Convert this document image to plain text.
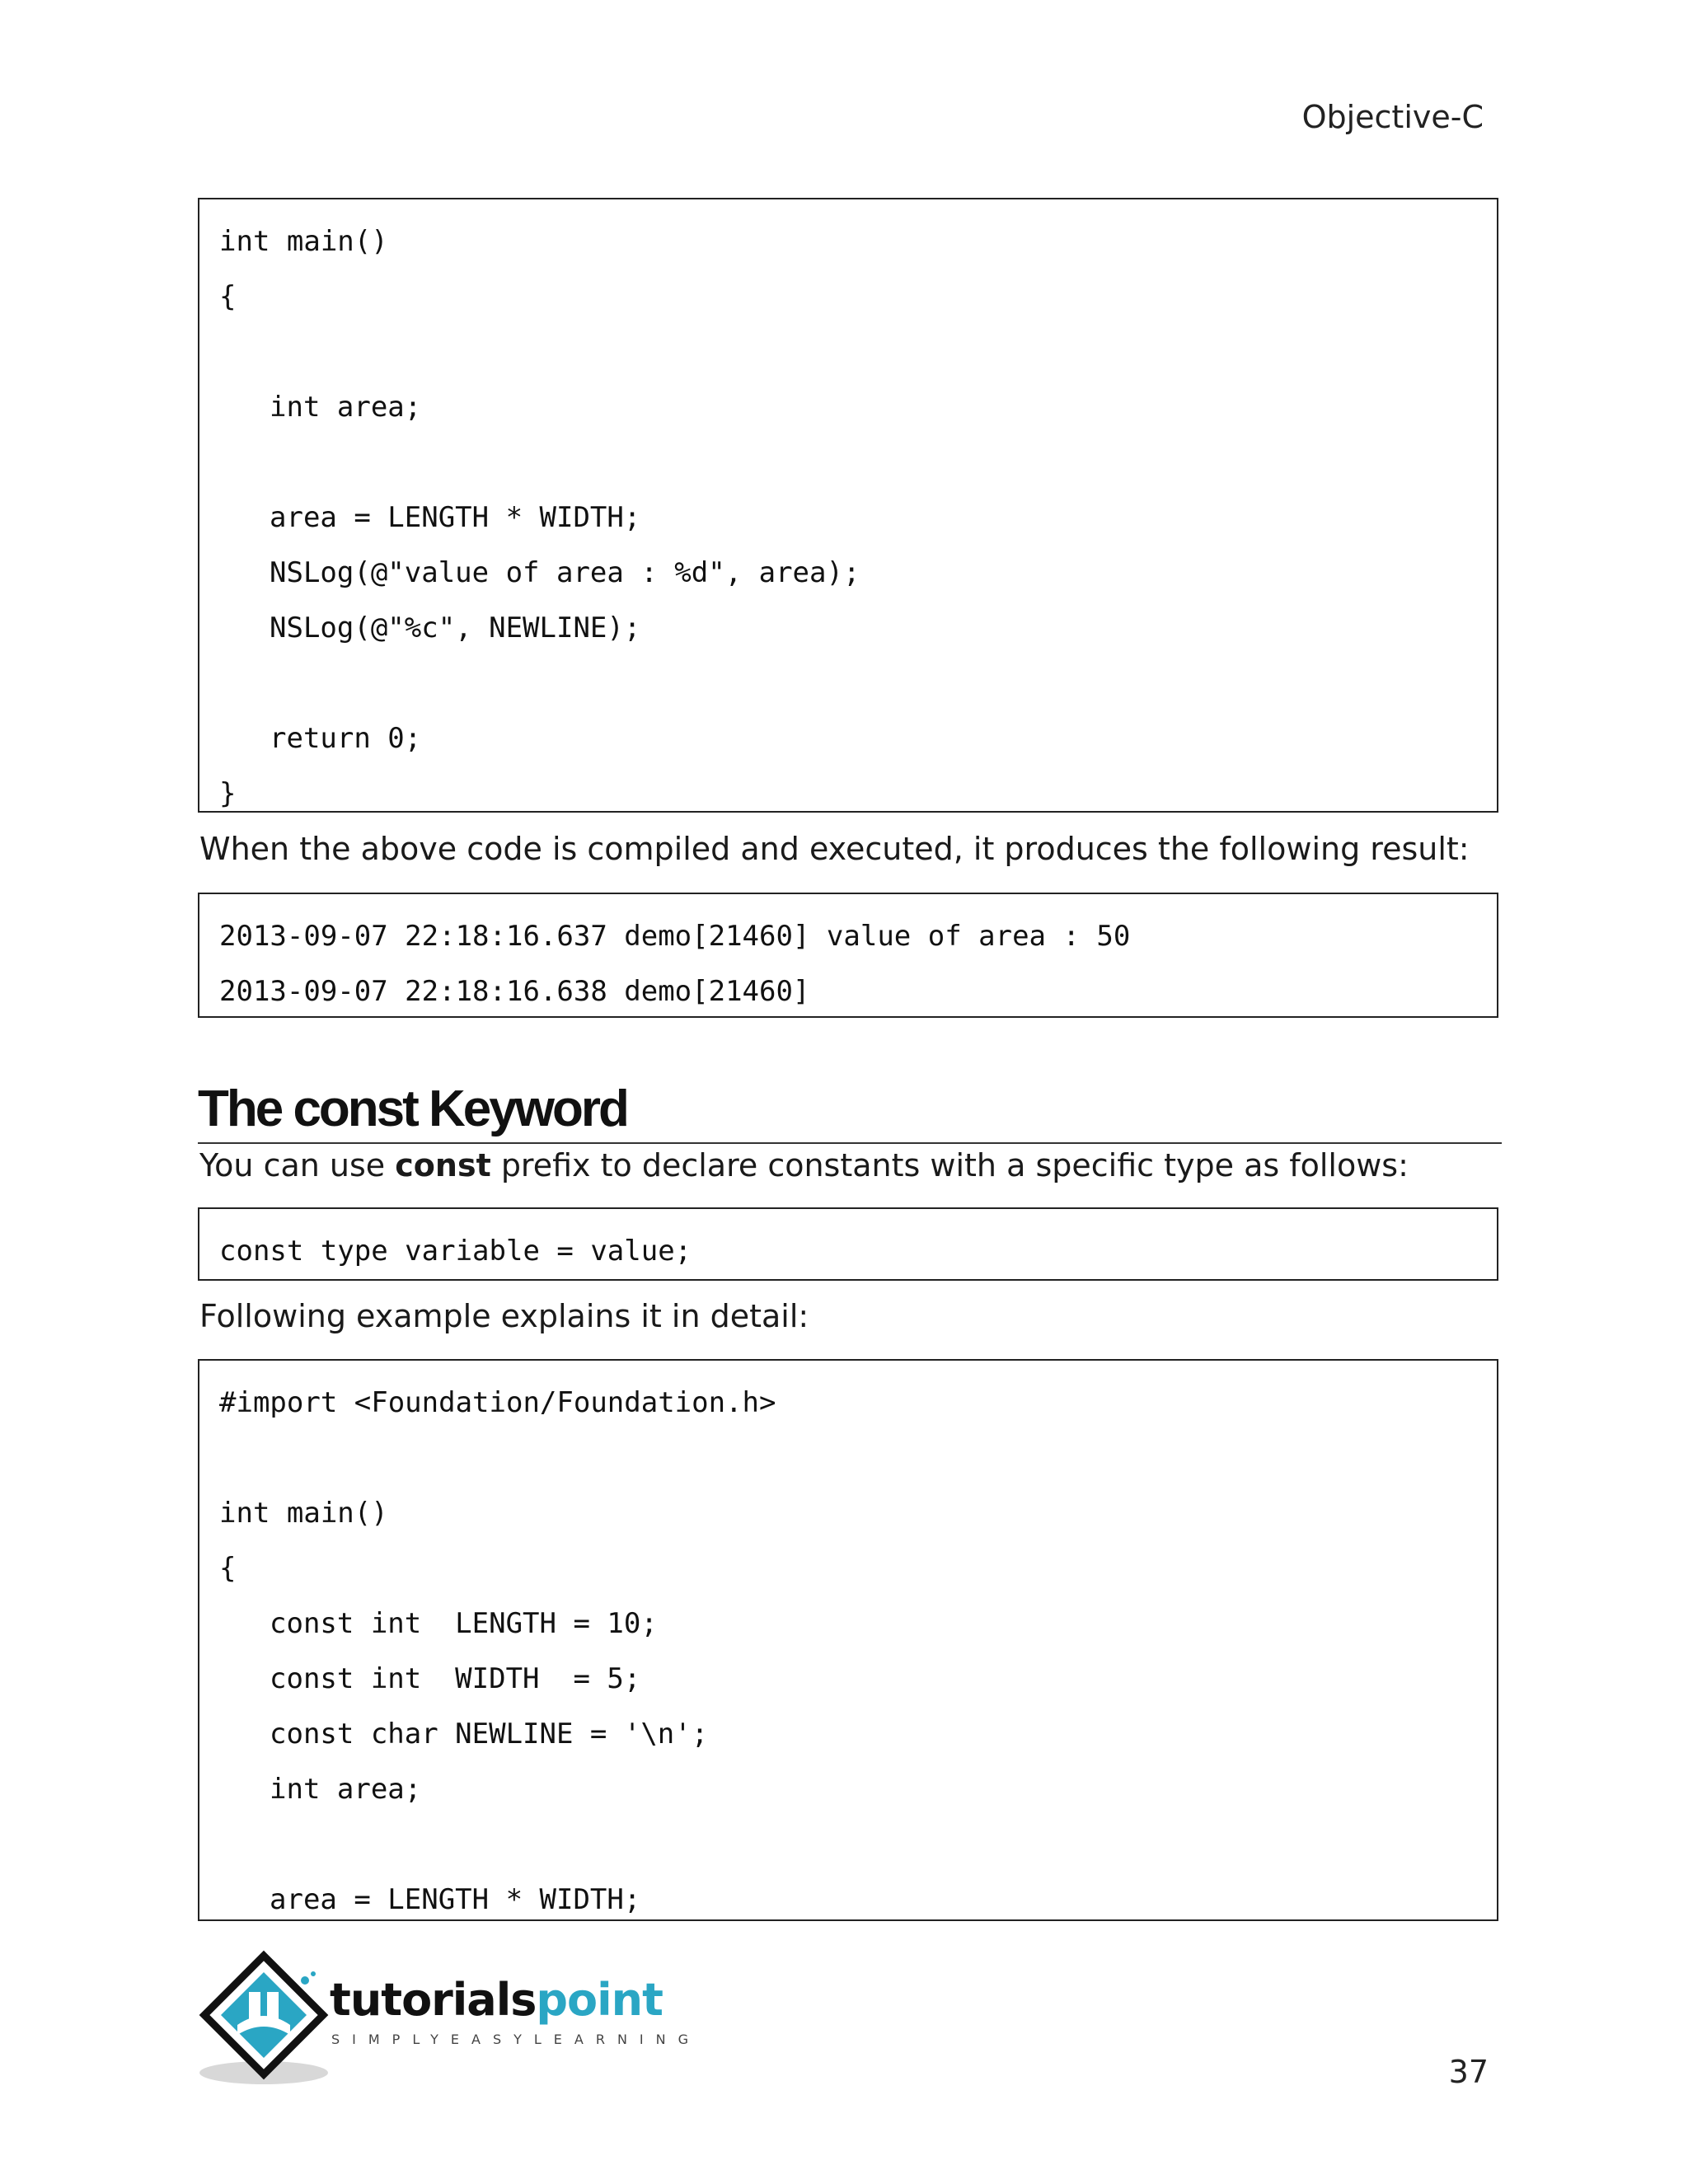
Objective-C
int main()
{
int area;
area = LENGTH * WIDTH;
NSLog(@"value of area : %d", area);
NSLog(@"%c", NEWLINE);
return 0;
}
When the above code is compiled and executed, it produces the following result:
2013-09-07 22:18:16.637 demo[21460] value of area : 50
2013-09-07 22:18:16.638 demo[21460]
The const Keyword
You can use const prefix to declare constants with a specific type as follows:
const type variable = value;
Following example explains it in detail:
#import <Foundation/Foundation.h>
int main()
{
const int  LENGTH = 10;
const int  WIDTH  = 5;
const char NEWLINE = '\n';
int area;
area = LENGTH * WIDTH;
tutorialspoint
SIMPLYEASYLEARNING
37
